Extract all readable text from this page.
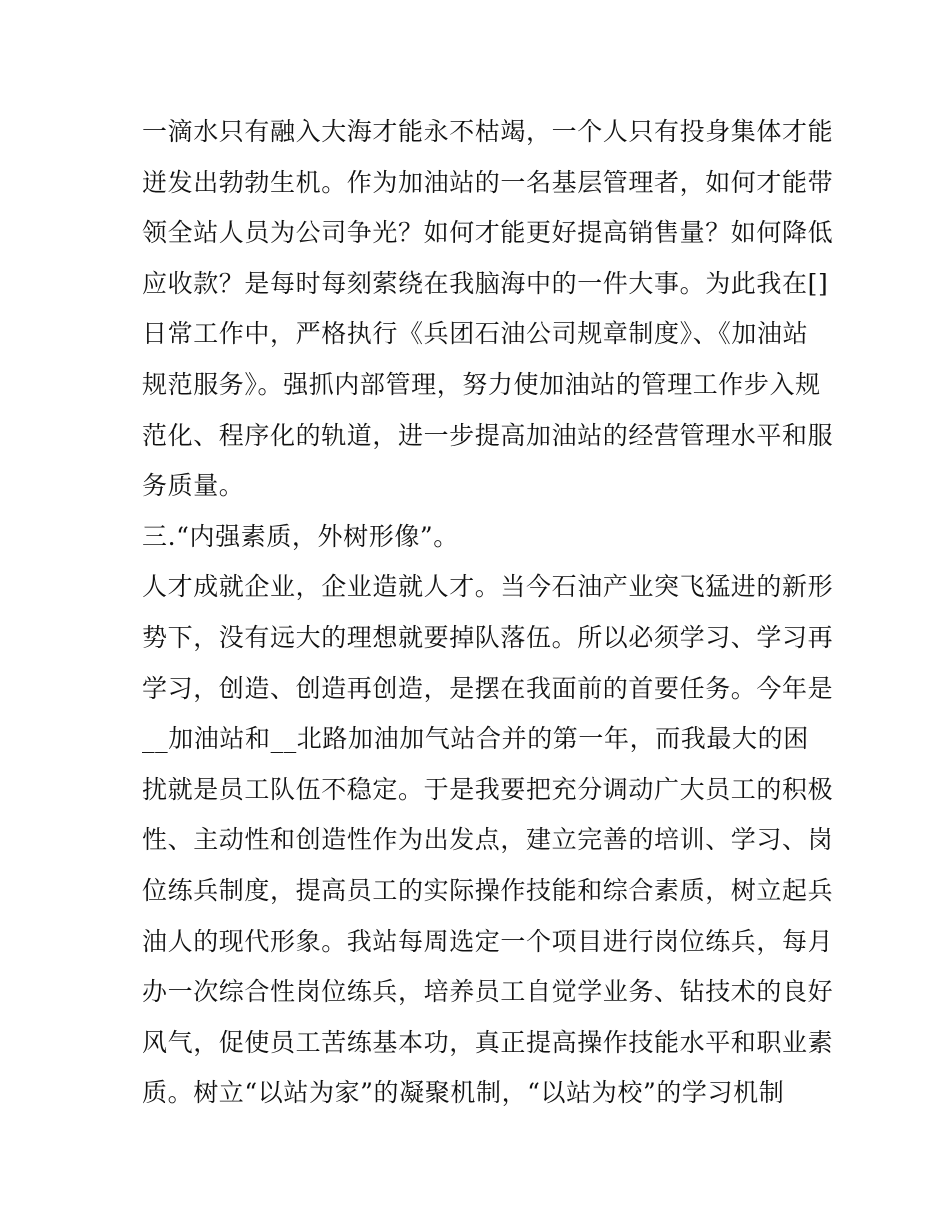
一滴水只有融入大海才能永不枯竭，一个人只有投身集体才能
迸发出勃勃生机。作为加油站的一名基层管理者，如何才能带
领全站人员为公司争光？如何才能更好提高销售量？如何降低
应收款？是每时每刻萦绕在我脑海中的一件大事。为此我在[]
日常工作中，严格执行《兵团石油公司规章制度》、《加油站
规范服务》。强抓内部管理，努力使加油站的管理工作步入规
范化、程序化的轨道，进一步提高加油站的经营管理水平和服
务质量。
三.“内强素质，外树形像”。
人才成就企业，企业造就人才。当今石油产业突飞猛进的新形
势下，没有远大的理想就要掉队落伍。所以必须学习、学习再
学习，创造、创造再创造，是摆在我面前的首要任务。今年是
__加油站和__北路加油加气站合并的第一年，而我最大的困
扰就是员工队伍不稳定。于是我要把充分调动广大员工的积极
性、主动性和创造性作为出发点，建立完善的培训、学习、岗
位练兵制度，提高员工的实际操作技能和综合素质，树立起兵
油人的现代形象。我站每周选定一个项目进行岗位练兵，每月
办一次综合性岗位练兵，培养员工自觉学业务、钻技术的良好
风气，促使员工苦练基本功，真正提高操作技能水平和职业素
质。树立“以站为家”的凝聚机制，“以站为校”的学习机制
